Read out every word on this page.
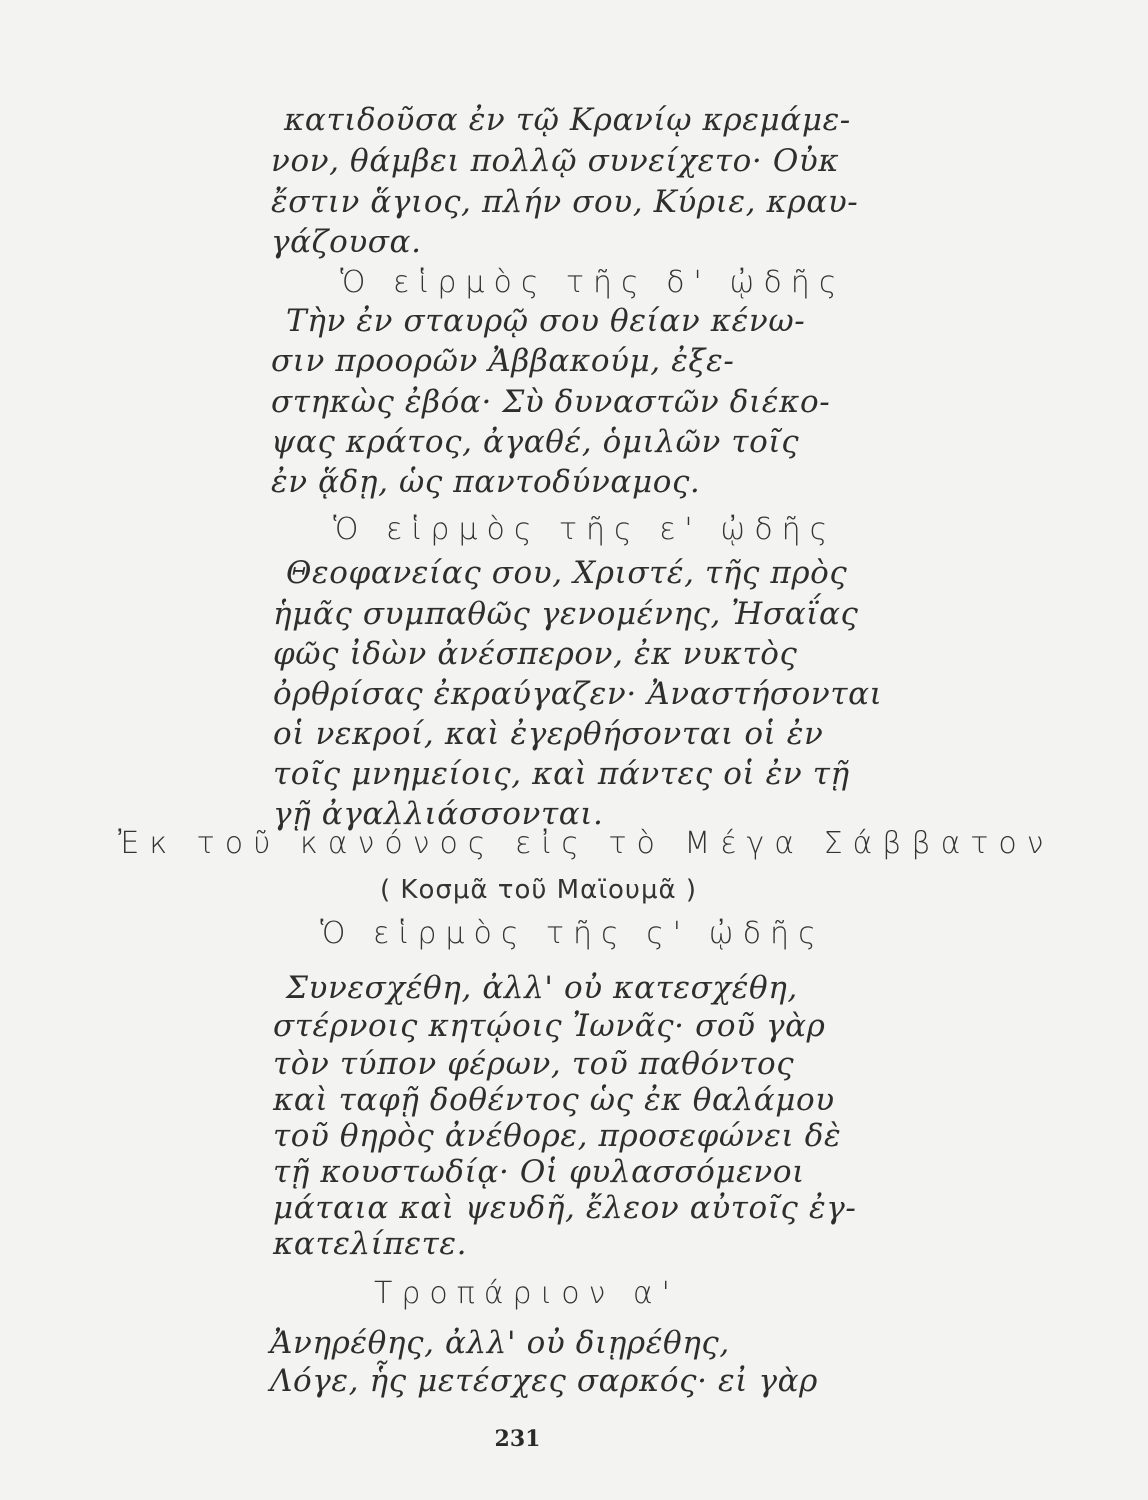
κατιδοῦσα ἐν τῷ Κρανίῳ κρεμάμε-
νον, θάμβει πολλῷ συνείχετο· Οὐκ
ἔστιν ἅγιος, πλήν σου, Κύριε, κραυ-
γάζουσα.
Ὁ εἱρμὸς τῆς δ' ᾠδῆς
Τὴν ἐν σταυρῷ σου θείαν κένω-
σιν προορῶν Ἀββακούμ, ἐξε-
στηκὼς ἐβόα· Σὺ δυναστῶν διέκο-
ψας κράτος, ἀγαθέ, ὁμιλῶν τοῖς
ἐν ᾅδῃ, ὡς παντοδύναμος.
Ὁ εἱρμὸς τῆς ε' ᾠδῆς
Θεοφανείας σου, Χριστέ, τῆς πρὸς
ἡμᾶς συμπαθῶς γενομένης, Ἠσαΐας
φῶς ἰδὼν ἀνέσπερον, ἐκ νυκτὸς
ὀρθρίσας ἐκραύγαζεν· Ἀναστήσονται
οἱ νεκροί, καὶ ἐγερθήσονται οἱ ἐν
τοῖς μνημείοις, καὶ πάντες οἱ ἐν τῇ
γῇ ἀγαλλιάσσονται.
Ἐκ τοῦ κανόνος εἰς τὸ Μέγα Σάββατον
( Κοσμᾶ τοῦ Μαϊουμᾶ )
Ὁ εἱρμὸς τῆς ς' ᾠδῆς
Συνεσχέθη, ἀλλ' οὐ κατεσχέθη,
στέρνοις κητῴοις Ἰωνᾶς· σοῦ γὰρ
τὸν τύπον φέρων, τοῦ παθόντος
καὶ ταφῇ δοθέντος ὡς ἐκ θαλάμου
τοῦ θηρὸς ἀνέθορε, προσεφώνει δὲ
τῇ κουστωδίᾳ· Οἱ φυλασσόμενοι
μάταια καὶ ψευδῆ, ἔλεον αὐτοῖς ἐγ-
κατελίπετε.
Τροπάριον α'
Ἀνηρέθης, ἀλλ' οὐ διῃρέθης,
Λόγε, ἧς μετέσχες σαρκός· εἰ γὰρ
231
